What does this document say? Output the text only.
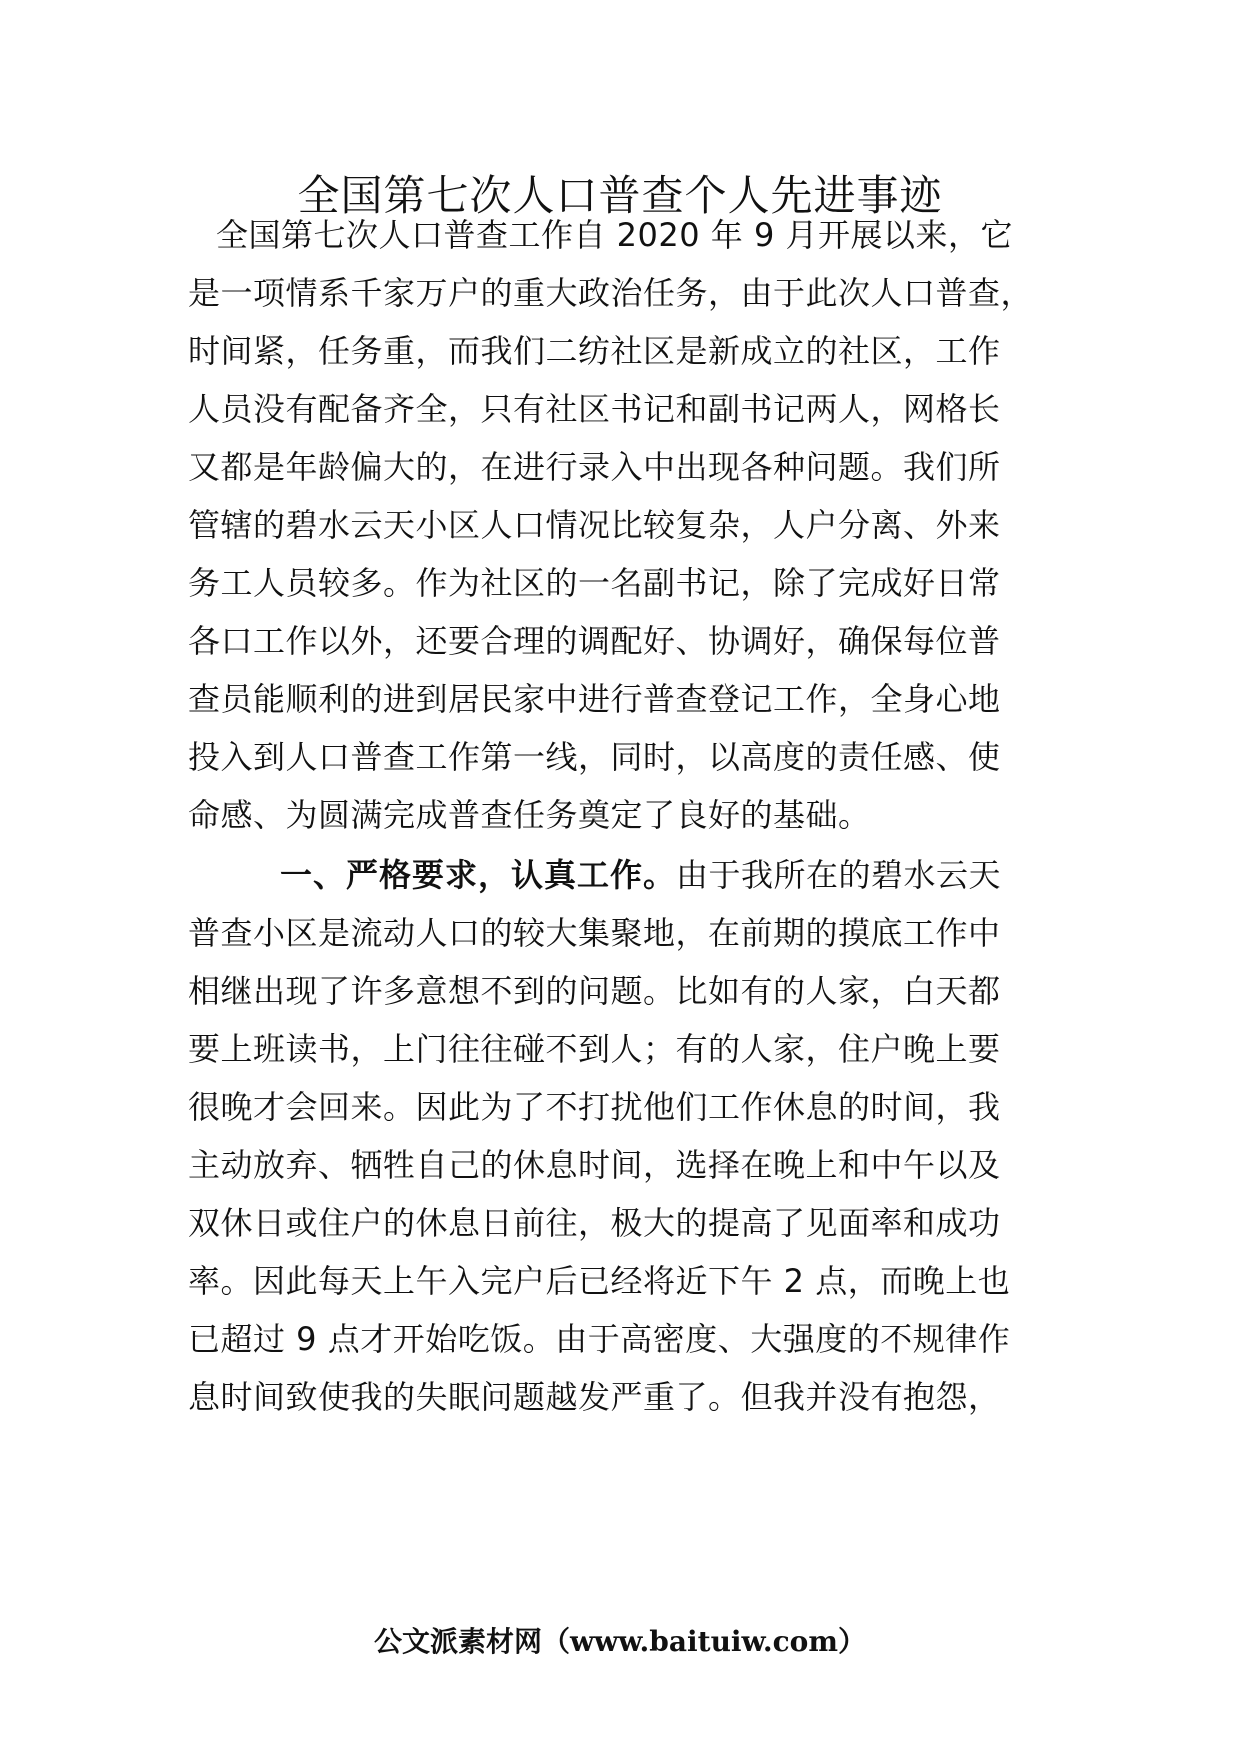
全国第七次人口普查个人先进事迹
全国第七次人口普查工作自 2020 年 9 月开展以来，它
是一项情系千家万户的重大政治任务，由于此次人口普查，
时间紧，任务重，而我们二纺社区是新成立的社区，工作
人员没有配备齐全，只有社区书记和副书记两人，网格长
又都是年龄偏大的，在进行录入中出现各种问题。我们所
管辖的碧水云天小区人口情况比较复杂，人户分离、外来
务工人员较多。作为社区的一名副书记，除了完成好日常
各口工作以外，还要合理的调配好、协调好，确保每位普
查员能顺利的进到居民家中进行普查登记工作，全身心地
投入到人口普查工作第一线，同时，以高度的责任感、使
命感、为圆满完成普查任务奠定了良好的基础。
一、严格要求，认真工作。由于我所在的碧水云天
普查小区是流动人口的较大集聚地，在前期的摸底工作中
相继出现了许多意想不到的问题。比如有的人家，白天都
要上班读书，上门往往碰不到人；有的人家，住户晚上要
很晚才会回来。因此为了不打扰他们工作休息的时间，我
主动放弃、牺牲自己的休息时间，选择在晚上和中午以及
双休日或住户的休息日前往，极大的提高了见面率和成功
率。因此每天上午入完户后已经将近下午 2 点，而晚上也
已超过 9 点才开始吃饭。由于高密度、大强度的不规律作
息时间致使我的失眠问题越发严重了。但我并没有抱怨，
公文派素材网（www.baituiw.com）
